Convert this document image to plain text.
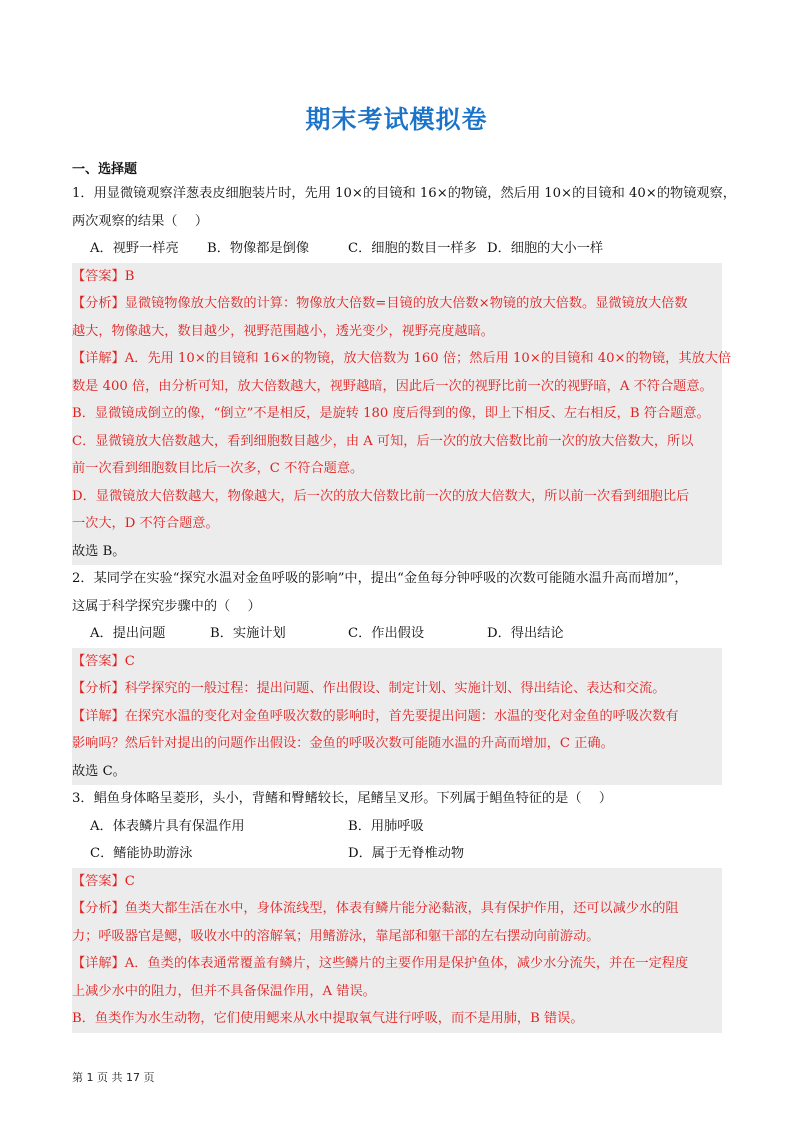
期末考试模拟卷
一、选择题
1．用显微镜观察洋葱表皮细胞装片时，先用 10×的目镜和 16×的物镜，然后用 10×的目镜和 40×的物镜观察，
两次观察的结果（　 ）
A．视野一样亮 B．物像都是倒像	C．细胞的数目一样多 D．细胞的大小一样
【答案】B
【分析】显微镜物像放大倍数的计算：物像放大倍数=目镜的放大倍数×物镜的放大倍数。显微镜放大倍数
越大，物像越大，数目越少，视野范围越小，透光变少，视野亮度越暗。
【详解】A．先用 10×的目镜和 16×的物镜，放大倍数为 160 倍；然后用 10×的目镜和 40×的物镜，其放大倍
数是 400 倍，由分析可知，放大倍数越大，视野越暗，因此后一次的视野比前一次的视野暗，A 不符合题意。
B．显微镜成倒立的像，“倒立”不是相反，是旋转 180 度后得到的像，即上下相反、左右相反，B 符合题意。
C．显微镜放大倍数越大，看到细胞数目越少，由 A 可知，后一次的放大倍数比前一次的放大倍数大，所以
前一次看到细胞数目比后一次多，C 不符合题意。
D．显微镜放大倍数越大，物像越大，后一次的放大倍数比前一次的放大倍数大，所以前一次看到细胞比后
一次大，D 不符合题意。
故选 B。
2．某同学在实验“探究水温对金鱼呼吸的影响”中，提出“金鱼每分钟呼吸的次数可能随水温升高而增加”，
这属于科学探究步骤中的（　 ）
A．提出问题	B．实施计划	C．作出假设	D．得出结论
【答案】C
【分析】科学探究的一般过程：提出问题、作出假设、制定计划、实施计划、得出结论、表达和交流。
【详解】在探究水温的变化对金鱼呼吸次数的影响时，首先要提出问题：水温的变化对金鱼的呼吸次数有
影响吗？然后针对提出的问题作出假设：金鱼的呼吸次数可能随水温的升高而增加，C 正确。
故选 C。
3．鲳鱼身体略呈菱形，头小，背鳍和臀鳍较长，尾鳍呈叉形。下列属于鲳鱼特征的是（　 ）
A．体表鳞片具有保温作用	B．用肺呼吸
C．鳍能协助游泳	D．属于无脊椎动物
【答案】C
【分析】鱼类大都生活在水中，身体流线型，体表有鳞片能分泌黏液，具有保护作用，还可以减少水的阻
力；呼吸器官是鳃，吸收水中的溶解氧；用鳍游泳，靠尾部和躯干部的左右摆动向前游动。
【详解】A．鱼类的体表通常覆盖有鳞片，这些鳞片的主要作用是保护鱼体，减少水分流失，并在一定程度
上减少水中的阻力，但并不具备保温作用，A 错误。
B．鱼类作为水生动物，它们使用鳃来从水中提取氧气进行呼吸，而不是用肺，B 错误。
第 1 页 共 17 页
